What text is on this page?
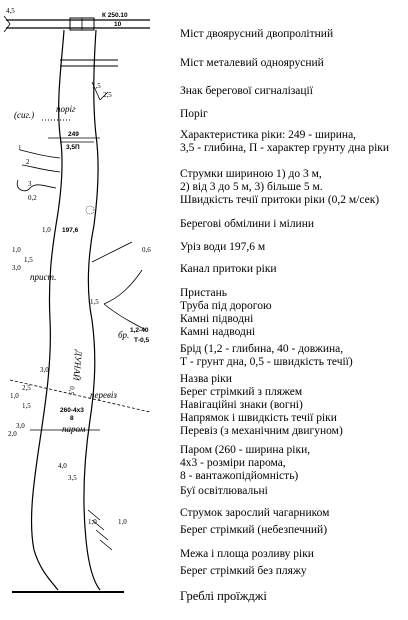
4,5
К 250.10
10
1,5
2,5
(сиг.)
поріг
249
3,5П
1
2
3
0,2
1,0 197,6
0,6
1,0
1,5
3,0
прист.
1,5
ДУНАЙ
0,5
бр. 1,2-40
Т-0,5
3,0
перевіз
2,5
1,0
1,5
260-4x3
8
паром
3,0
2,0
4,0
3,5
1,0	1,0
Міст двоярусний двопролітний
Міст металевий одноярусний
Знак берегової сигналізації
Поріг
Характеристика ріки: 249 - ширина,
3,5 - глибина, П - характер грунту дна ріки
Струмки шириною 1) до 3 м,
2) від 3 до 5 м, 3) більше 5 м.
Швидкість течії притоки ріки (0,2 м/сек)
Берегові обмілини і мілини
Уріз води 197,6 м
Канал притоки ріки
Пристань
Труба під дорогою
Камні підводні
Камні надводні
Брід (1,2 - глибина, 40 - довжина,
Т - грунт дна, 0,5 - швидкість течії)
Назва ріки
Берег стрімкий з пляжем
Навігаційні знаки (вогні)
Напрямок і швидкість течії ріки
Перевіз (з механічним двигуном)
Паром (260 - ширина ріки,
4х3 - розміри парома,
8 - вантажопідйомність)
Буї освітлювальні
Струмок зарослий чагарником
Берег стрімкий (небезпечний)
Межа і площа розливу ріки
Берег стрімкий без пляжу
Греблі проїжджі
